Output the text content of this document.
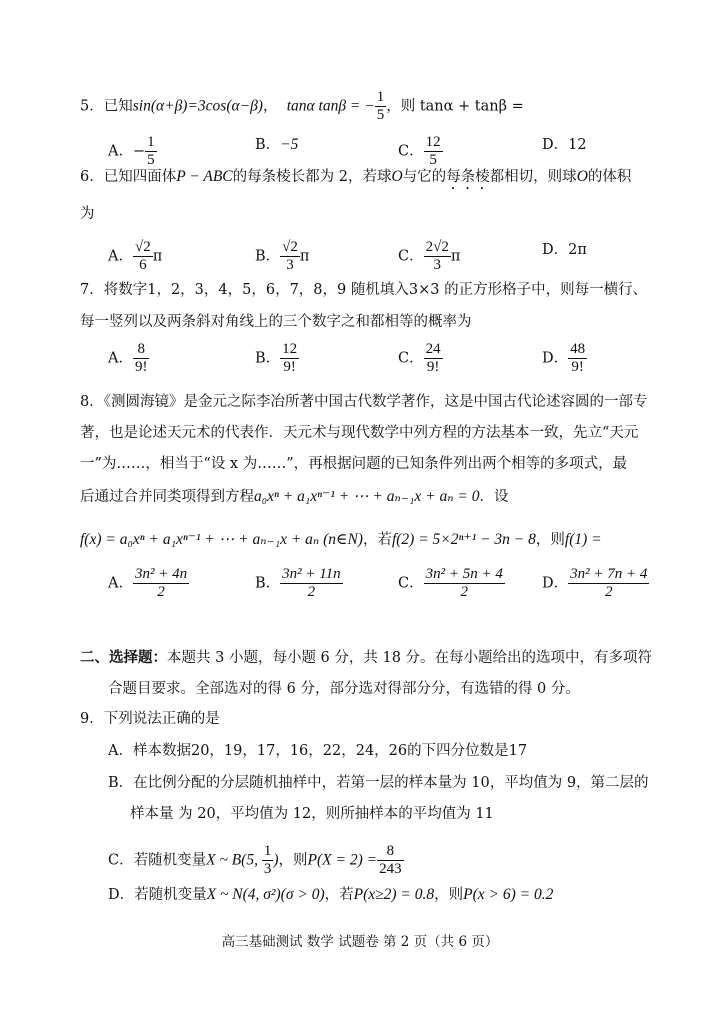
5．已知sin(α+β)=3cos(α−β)， tanα tanβ = − $\frac{1}{5}$ ，则 tanα + tanβ =
A．− $\frac{1}{5}$	B．−5	C． $\frac{12}{5}$	D．12
6．已知四面体P − ABC的每条棱长都为 2，若球O与它的每条棱都相切，则球O的体积
为
A． $\frac{√2}{6}$ π	B． $\frac{√2}{3}$ π	C． $\frac{2√2}{3}$ π	D．2π
7．将数字1，2，3，4，5，6，7，8，9 随机填入3×3 的正方形格子中，则每一横行、
每一竖列以及两条斜对角线上的三个数字之和都相等的概率为
A． $\frac{8}{9!}$	B． $\frac{12}{9!}$	C． $\frac{24}{9!}$	D． $\frac{48}{9!}$
8．《测圆海镜》是金元之际李冶所著中国古代数学著作，这是中国古代论述容圆的一部专
著，也是论述天元术的代表作．天元术与现代数学中列方程的方法基本一致，先立“天元
一”为……，相当于“设 x 为……”，再根据问题的已知条件列出两个相等的多项式，最
后通过合并同类项得到方程a₀xⁿ + a₁xⁿ⁻¹ + ⋯ + aₙ₋₁x + aₙ = 0．设
f(x) = a₀xⁿ + a₁xⁿ⁻¹ + ⋯ + aₙ₋₁x + aₙ (n∈N)，若f(2) = 5×2ⁿ⁺¹ − 3n − 8，则f(1) =
A． $\frac{\text{3n² + 4n}}{2}$	B． $\frac{\text{3n² + 11n}}{2}$	C． $\frac{\text{3n² + 5n + 4}}{2}$	D． $\frac{\text{3n² + 7n + 4}}{2}$
二、选择题：本题共 3 小题，每小题 6 分，共 18 分。在每小题给出的选项中，有多项符
合题目要求。全部选对的得 6 分，部分选对得部分分，有选错的得 0 分。
9．下列说法正确的是
A．样本数据20，19，17，16，22，24，26的下四分位数是17
B．在比例分配的分层随机抽样中，若第一层的样本量为 10，平均值为 9，第二层的
样本量 为 20，平均值为 12，则所抽样本的平均值为 11
C．若随机变量X ~ B(5, $\frac{1}{3}$ )，则$P(X = 2) = \frac{8}{243}$
D．若随机变量X ~ N(4, σ²)(σ > 0)，若P(x≥2) = 0.8，则P(x > 6) = 0.2
高三基础测试 数学 试题卷 第 2 页（共 6 页）
